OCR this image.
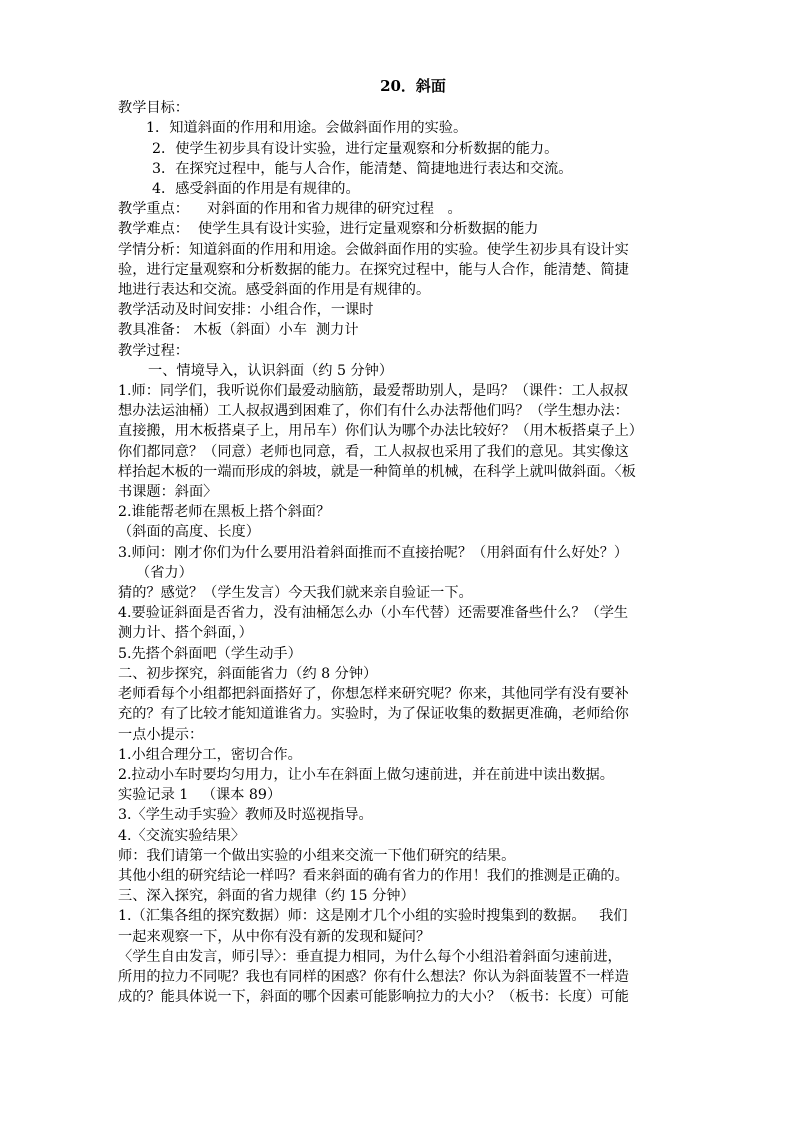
20．斜面
教学目标：
1．知道斜面的作用和用途。会做斜面作用的实验。
2．使学生初步具有设计实验，进行定量观察和分析数据的能力。
3．在探究过程中，能与人合作，能清楚、简捷地进行表达和交流。
4．感受斜面的作用是有规律的。
教学重点：    对斜面的作用和省力规律的研究过程   。
教学难点：  使学生具有设计实验，进行定量观察和分析数据的能力
学情分析：知道斜面的作用和用途。会做斜面作用的实验。使学生初步具有设计实
验，进行定量观察和分析数据的能力。在探究过程中，能与人合作，能清楚、简捷
地进行表达和交流。感受斜面的作用是有规律的。
教学活动及时间安排：小组合作，一课时
教具准备： 木板（斜面）小车  测力计
教学过程：
一、情境导入，认识斜面（约 5 分钟）
1.师：同学们，我听说你们最爱动脑筋，最爱帮助别人，是吗？（课件：工人叔叔
想办法运油桶）工人叔叔遇到困难了，你们有什么办法帮他们吗？（学生想办法：
直接搬，用木板搭桌子上，用吊车）你们认为哪个办法比较好？（用木板搭桌子上）
你们都同意？（同意）老师也同意，看，工人叔叔也采用了我们的意见。其实像这
样抬起木板的一端而形成的斜坡，就是一种简单的机械，在科学上就叫做斜面。〈板
书课题：斜面〉
2.谁能帮老师在黑板上搭个斜面？
（斜面的高度、长度）
3.师问：刚才你们为什么要用沿着斜面推而不直接抬呢？（用斜面有什么好处？）
（省力）
猜的？感觉？（学生发言）今天我们就来亲自验证一下。
4.要验证斜面是否省力，没有油桶怎么办（小车代替）还需要准备些什么？（学生
测力计、搭个斜面，）
5.先搭个斜面吧（学生动手）
二、初步探究，斜面能省力（约 8 分钟）
老师看每个小组都把斜面搭好了，你想怎样来研究呢？你来，其他同学有没有要补
充的？有了比较才能知道谁省力。实验时，为了保证收集的数据更准确，老师给你
一点小提示：
1.小组合理分工，密切合作。
2.拉动小车时要均匀用力，让小车在斜面上做匀速前进，并在前进中读出数据。
实验记录 1   （课本 89）
3.〈学生动手实验〉教师及时巡视指导。
4.〈交流实验结果〉
师：我们请第一个做出实验的小组来交流一下他们研究的结果。
其他小组的研究结论一样吗？看来斜面的确有省力的作用！我们的推测是正确的。
三、深入探究，斜面的省力规律（约 15 分钟）
1.（汇集各组的探究数据）师：这是刚才几个小组的实验时搜集到的数据。   我们
一起来观察一下，从中你有没有新的发现和疑问？
〈学生自由发言，师引导〉：垂直提力相同，为什么每个小组沿着斜面匀速前进，
所用的拉力不同呢？我也有同样的困惑？你有什么想法？你认为斜面装置不一样造
成的？能具体说一下，斜面的哪个因素可能影响拉力的大小？（板书：长度）可能
